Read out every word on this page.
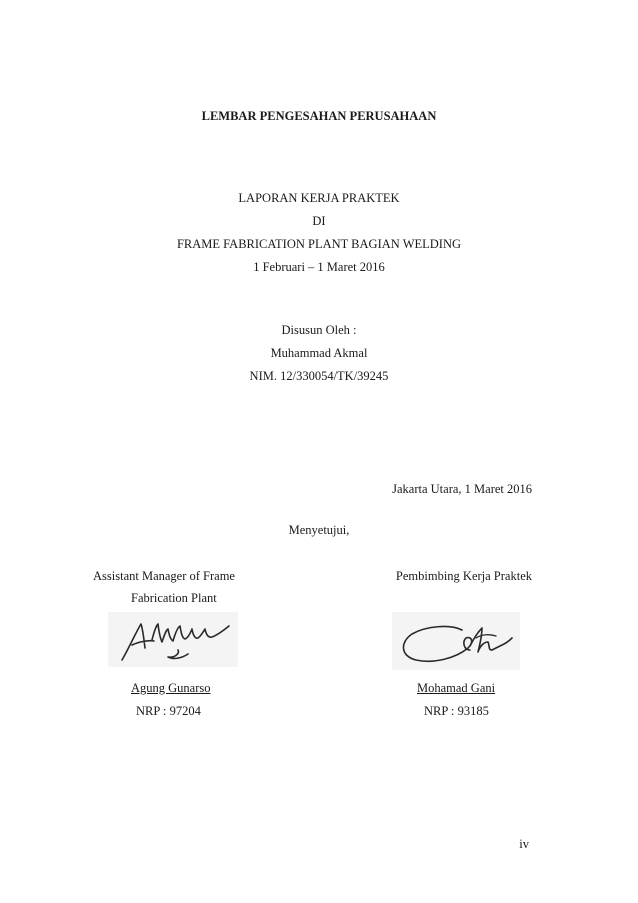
LEMBAR PENGESAHAN PERUSAHAAN
LAPORAN KERJA PRAKTEK
DI
FRAME FABRICATION PLANT BAGIAN WELDING
1 Februari – 1 Maret 2016
Disusun Oleh :
Muhammad Akmal
NIM. 12/330054/TK/39245
Jakarta Utara, 1 Maret 2016
Menyetujui,
Assistant Manager of Frame
Fabrication Plant
Agung Gunarso
NRP : 97204
Pembimbing Kerja Praktek
Mohamad Gani
NRP : 93185
iv
